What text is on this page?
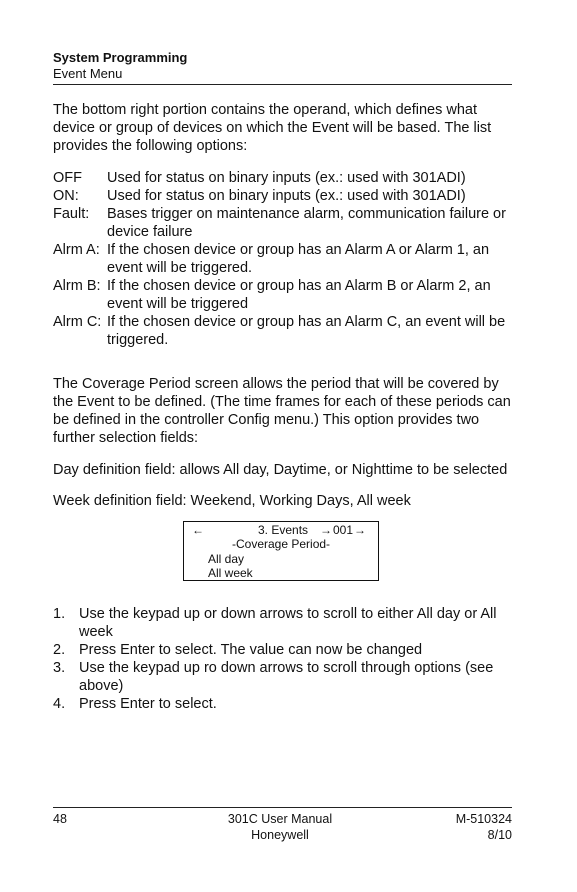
System Programming
Event Menu

The bottom right portion contains the operand, which defines what device or group of devices on which the Event will be based. The list provides the following options:

OFF	Used for status on binary inputs (ex.: used with 301ADI)
ON:	Used for status on binary inputs (ex.: used with 301ADI)
Fault:	Bases trigger on maintenance alarm, communication failure or device failure
Alrm A: If the chosen device or group has an Alarm A or Alarm 1, an event will be triggered.
Alrm B: If the chosen device or group has an Alarm B or Alarm 2, an event will be triggered
Alrm C: If the chosen device or group has an Alarm C, an event will be triggered.

The Coverage Period screen allows the period that will be covered by the Event to be defined. (The time frames for each of these periods can be defined in the controller Config menu.) This option provides two further selection fields:

Day definition field: allows All day, Daytime, or Nighttime to be selected

Week definition field: Weekend, Working Days, All week

←	3. Events → 001 →
-Coverage Period-
All day
All week
1. Use the keypad up or down arrows to scroll to either All day or All week
2. Press Enter to select. The value can now be changed
3. Use the keypad up ro down arrows to scroll through options (see above)
4. Press Enter to select.
48	301C User Manual
Honeywell
M-510324
8/10
